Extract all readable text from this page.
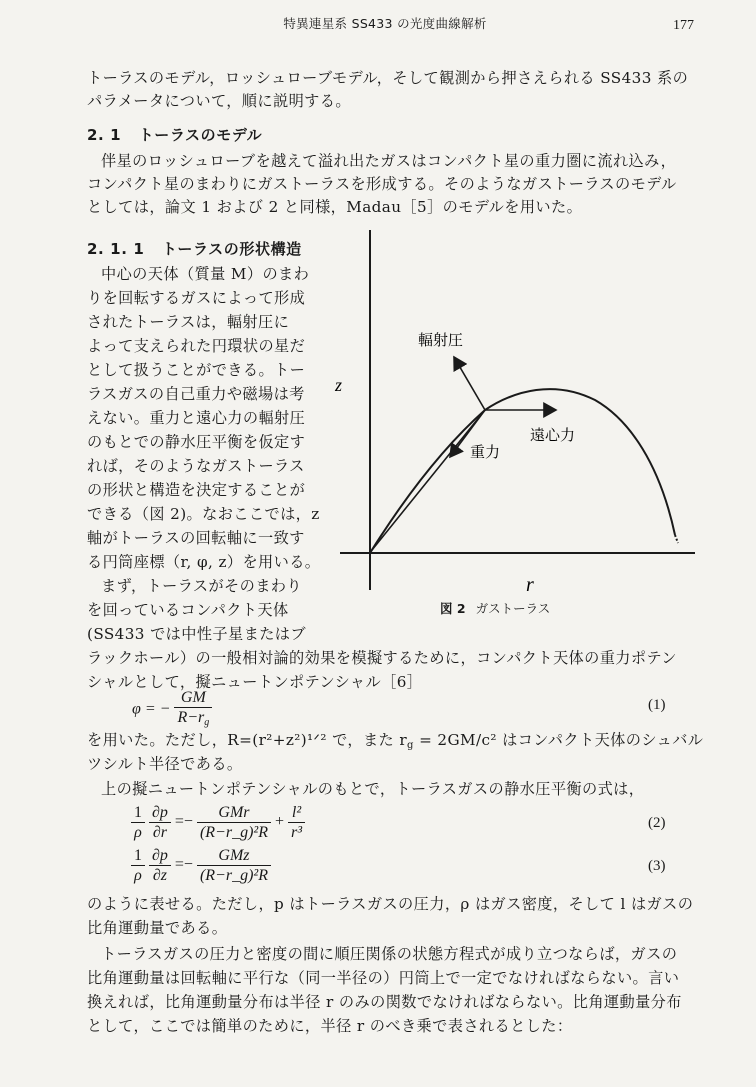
特異連星系 SS433 の光度曲線解析	177
トーラスのモデル，ロッシュローブモデル，そして観測から押さえられる SS433 系の
パラメータについて，順に説明する。
2. 1 トーラスのモデル
伴星のロッシュローブを越えて溢れ出たガスはコンパクト星の重力圏に流れ込み，
コンパクト星のまわりにガストーラスを形成する。そのようなガストーラスのモデル
としては，論文 1 および 2 と同様，Madau［5］のモデルを用いた。
2. 1. 1 トーラスの形状構造
中心の天体（質量 M）のまわ
りを回転するガスによって形成
されたトーラスは，輻射圧に
よって支えられた円環状の星だ
として扱うことができる。トー
ラスガスの自己重力や磁場は考
えない。重力と遠心力の輻射圧
のもとでの静水圧平衡を仮定す
れば，そのようなガストーラス
の形状と構造を決定することが
できる（図 2)。なおここでは，z
軸がトーラスの回転軸に一致す
る円筒座標（r, φ, z）を用いる。
まず，トーラスがそのまわり
を回っているコンパクト天体
(SS433 では中性子星またはブ
ラックホール）の一般相対論的効果を模擬するために，コンパクト天体の重力ポテン
シャルとして，擬ニュートンポテンシャル［6］
輻射圧
遠心力
重力
z
r
図 2 ガストーラス
φ = − $\frac{GM}{R-r_g}$	(1)
を用いた。ただし，R=(r²+z²)¹ᐟ² で，また $r_g = 2GM/c^2$ はコンパクト天体のシュバル
ツシルト半径である。
上の擬ニュートンポテンシャルのもとで，トーラスガスの静水圧平衡の式は，
$\frac{1}{\rho}$
$\frac{\partial p}{\partial r} =- \frac{\text{GMr}}{\text{(R−r\_g)²R}} + \frac{\text{l²}}{\text{r³}}$	(2)
$\frac{1}{\rho}$
$\frac{\partial p}{\partial z} =- \frac{\text{GMz}}{\text{(R−r\_g)²R}}$	(3)
のように表せる。ただし，p はトーラスガスの圧力，ρ はガス密度，そして l はガスの
比角運動量である。
トーラスガスの圧力と密度の間に順圧関係の状態方程式が成り立つならば，ガスの
比角運動量は回転軸に平行な（同一半径の）円筒上で一定でなければならない。言い
換えれば，比角運動量分布は半径 r のみの関数でなければならない。比角運動量分布
として，ここでは簡単のために，半径 r のべき乗で表されるとした：
